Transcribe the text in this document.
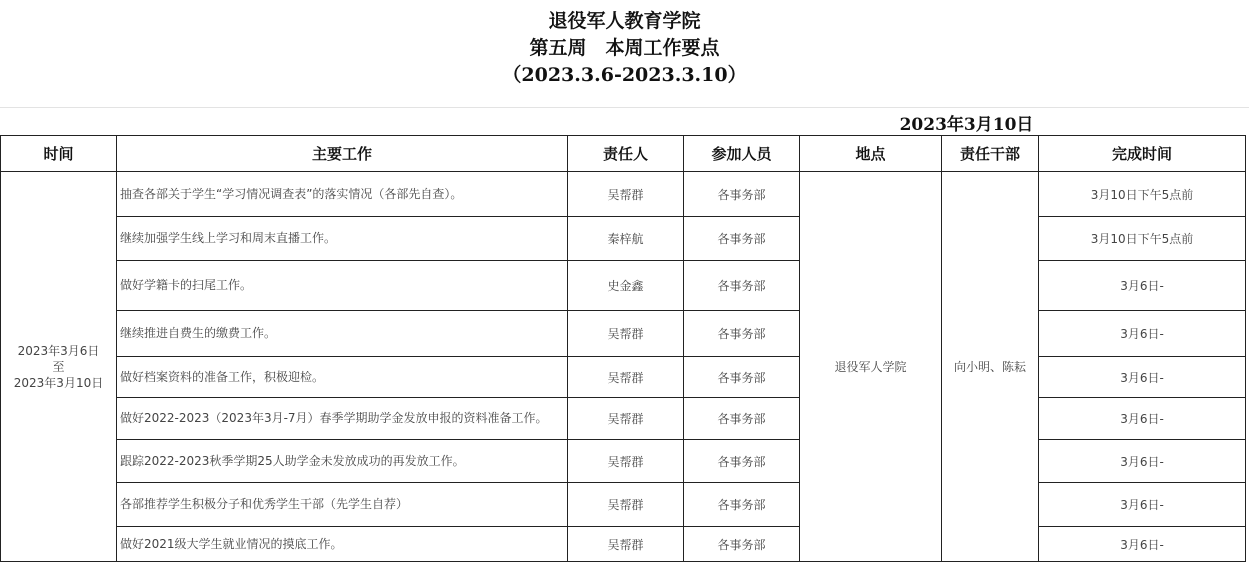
退役军人教育学院
第五周　本周工作要点
（2023.3.6-2023.3.10）
2023年3月10日
时间	主要工作	责任人	参加人员	地点	责任干部	完成时间

2023年3月6日
至
2023年3月10日	抽查各部关于学生“学习情况调查表”的落实情况（各部先自查）。	吴帮群	各事务部	退役军人学院	向小明、陈耘	3月10日下午5点前
	继续加强学生线上学习和周末直播工作。	秦梓航	各事务部			3月10日下午5点前
	做好学籍卡的扫尾工作。	史金鑫	各事务部			3月6日-
	继续推进自费生的缴费工作。	吴帮群	各事务部			3月6日-
	做好档案资料的准备工作，积极迎检。	吴帮群	各事务部			3月6日-
	做好2022-2023（2023年3月-7月）春季学期助学金发放申报的资料准备工作。	吴帮群	各事务部			3月6日-
	跟踪2022-2023秋季学期25人助学金未发放成功的再发放工作。	吴帮群	各事务部			3月6日-
	各部推荐学生积极分子和优秀学生干部（先学生自荐）	吴帮群	各事务部			3月6日-
	做好2021级大学生就业情况的摸底工作。	吴帮群	各事务部			3月6日-
